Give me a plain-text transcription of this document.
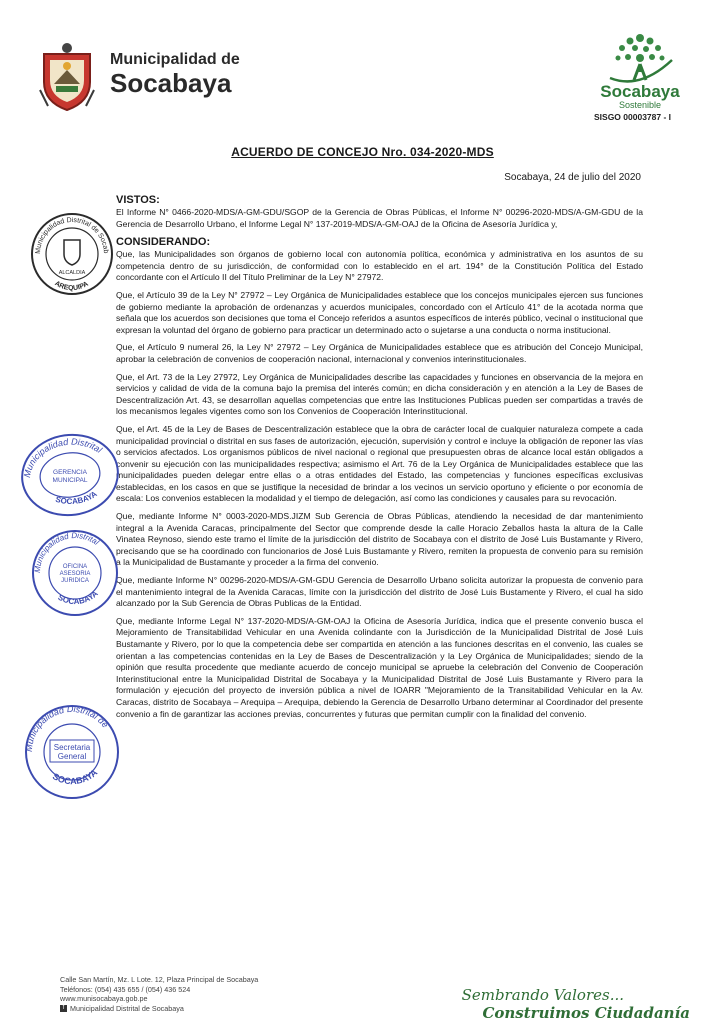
Municipalidad de
Socabaya	Socabaya
Sostenible
SISGO 00003787 - I
ACUERDO DE CONCEJO Nro. 034-2020-MDS
Socabaya, 24 de julio del 2020
VISTOS:

El Informe N° 0466-2020-MDS/A-GM-GDU/SGOP de la Gerencia de Obras Públicas, el Informe N° 00296-2020-MDS/A-GM-GDU de la Gerencia de Desarrollo Urbano, el Informe Legal N° 137-2019-MDS/A-GM-OAJ de la Oficina de Asesoría Jurídica y,

CONSIDERANDO:

Que, las Municipalidades son órganos de gobierno local con autonomía política, económica y administrativa en los asuntos de su competencia dentro de su jurisdicción, de conformidad con lo establecido en el art. 194° de la Constitución Política del Estado concordante con el Artículo II del Título Preliminar de la Ley N° 27972.

Que, el Artículo 39 de la Ley N° 27972 – Ley Orgánica de Municipalidades establece que los concejos municipales ejercen sus funciones de gobierno mediante la aprobación de ordenanzas y acuerdos municipales, concordado con el Artículo 41° de la acotada norma que señala que los acuerdos son decisiones que toma el Concejo referidos a asuntos específicos de interés público, vecinal o institucional que expresan la voluntad del órgano de gobierno para practicar un determinado acto o sujetarse a una conducta o norma institucional.

Que, el Artículo 9 numeral 26, la Ley N° 27972 – Ley Orgánica de Municipalidades establece que es atribución del Concejo Municipal, aprobar la celebración de convenios de cooperación nacional, internacional y convenios interinstitucionales.

Que, el Art. 73 de la Ley 27972, Ley Orgánica de Municipalidades describe las capacidades y funciones en observancia de la mejora en servicios y calidad de vida de la comuna bajo la premisa del interés común; en dicha consideración y en atención a la Ley de Bases de Descentralización Art. 43, se desarrollan aquellas competencias que entre las Instituciones Publicas pueden ser compartidas a través de los mecanismos legales vigentes como son los Convenios de Cooperación Interinstitucional.

Que, el Art. 45 de la Ley de Bases de Descentralización establece que la obra de carácter local de cualquier naturaleza compete a cada municipalidad provincial o distrital en sus fases de autorización, ejecución, supervisión y control e incluye la obligación de reponer las vías o servicios afectados. Los organismos públicos de nivel nacional o regional que presupuesten obras de alcance local están obligados a convenir su ejecución con las municipalidades respectiva; asimismo el Art. 76 de la Ley Orgánica de Municipalidades establece que las municipalidades pueden delegar entre ellas o a otras entidades del Estado, las competencias y funciones específicas exclusivas establecidas, en los casos en que se justifique la necesidad de brindar a los vecinos un servicio oportuno y eficiente o por economía de escala: Los convenios establecen la modalidad y el tiempo de delegación, así como las condiciones y causales para su revocación.

Que, mediante Informe N° 0003-2020-MDS.JIZM Sub Gerencia de Obras Públicas, atendiendo la necesidad de dar mantenimiento integral a la Avenida Caracas, principalmente del Sector que comprende desde la calle Horacio Zeballos hasta la altura de la Calle Vinatea Reynoso, siendo este tramo el límite de la jurisdicción del distrito de Socabaya con el distrito de José Luis Bustamante y Rivero, precisando que se ha coordinado con funcionarios de José Luis Bustamante y Rivero, remiten la propuesta de convenio para su remisión a la Municipalidad de Bustamante y proceder a la firma del convenio.

Que, mediante Informe N° 00296-2020-MDS/A-GM-GDU Gerencia de Desarrollo Urbano solicita autorizar la propuesta de convenio para el mantenimiento integral de la Avenida Caracas, límite con la jurisdicción del distrito de José Luis Bustamente y Rivero, el cual ha sido alcanzado por la Sub Gerencia de Obras Publicas de la Entidad.

Que, mediante Informe Legal N° 137-2020-MDS/A-GM-OAJ la Oficina de Asesoría Jurídica, indica que el presente convenio busca el Mejoramiento de Transitabilidad Vehicular en una Avenida colindante con la Jurisdicción de la Municipalidad Distrital de José Luis Bustamante y Rivero, por lo que la competencia debe ser compartida en atención a las funciones descritas en el convenio, las cuales se orientan a las competencias contenidas en la Ley de Bases de Descentralización y la Ley Orgánica de Municipalidades; siendo de la opinión que resulta procedente que mediante acuerdo de concejo municipal se apruebe la celebración del Convenio de Cooperación Interinstitucional entre la Municipalidad Distrital de Socabaya y la Municipalidad Distrital de José Luis Bustamante y Rivero para la formulación y ejecución del proyecto de inversión pública a nivel de IOARR "Mejoramiento de la Transitabilidad Vehicular en la Av. Caracas, distrito de Socabaya – Arequipa – Arequipa, debiendo la Gerencia de Desarrollo Urbano determinar al Coordinador del presente convenio a fin de garantizar las acciones previas, concurrentes y futuras que permitan cumplir con la finalidad del convenio.

Municipalidad Distrital de Socab
AREQUIPA
ALCALDIA
Municipalidad Distrital
SOCABAYA
GERENCIA
MUNICIPAL
Municipalidad Distrital
SOCABAYA
OFICINA
ASESORIA
JURIDICA
Municipalidad Distrital de
SOCABAYA
Secretaria
General
Calle San Martín, Mz. L Lote. 12, Plaza Principal de Socabaya
Teléfonos: (054) 435 655 / (054) 436 524
www.munisocabaya.gob.pe
f Municipalidad Distrital de Socabaya
Sembrando Valores...
Construimos Ciudadanía
